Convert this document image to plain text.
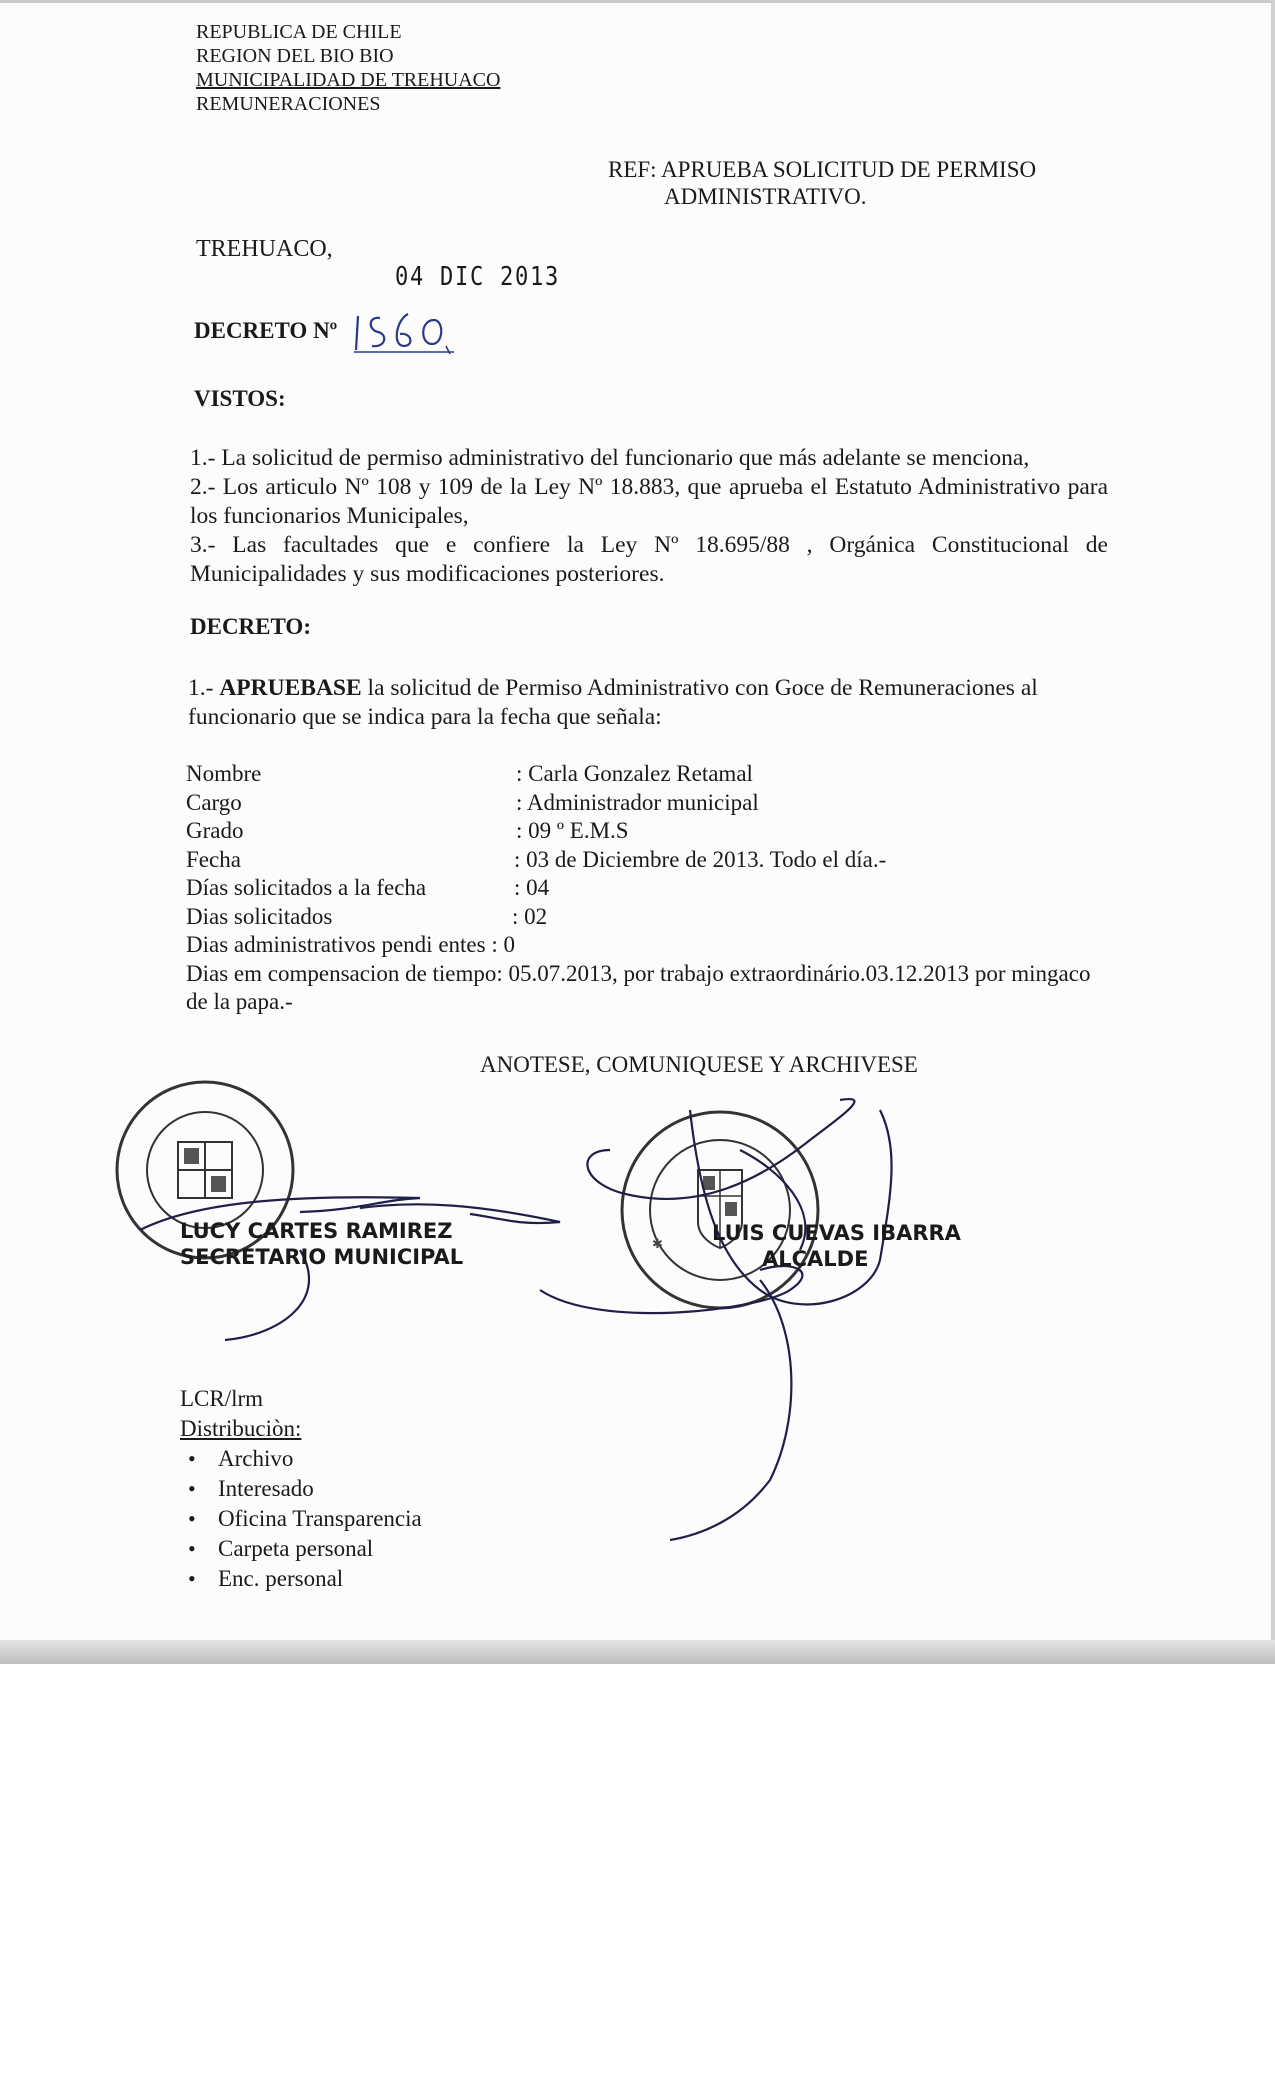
REPUBLICA DE CHILE
REGION DEL BIO BIO
MUNICIPALIDAD DE TREHUACO
REMUNERACIONES
REF: APRUEBA SOLICITUD DE PERMISO
ADMINISTRATIVO.
TREHUACO,
04 DIC 2013
DECRETO Nº
VISTOS:

1.- La solicitud de permiso administrativo del funcionario que más adelante se menciona,

2.- Los articulo Nº 108 y 109 de la Ley Nº 18.883, que aprueba el Estatuto Administrativo para los funcionarios Municipales,

3.- Las facultades que e confiere la Ley Nº 18.695/88 , Orgánica Constitucional de Municipalidades y sus modificaciones posteriores.

DECRETO:
1.- APRUEBASE la solicitud de Permiso Administrativo con Goce de Remuneraciones al funcionario que se indica para la fecha que señala:
Nombre	: Carla Gonzalez Retamal
Cargo	: Administrador municipal
Grado	: 09 º E.M.S
Fecha	: 03 de Diciembre de 2013. Todo el día.-
Días solicitados a la fecha	: 04
Dias solicitados	: 02
Dias administrativos pendi entes : 0
Dias em compensacion de tiempo: 05.07.2013, por trabajo extraordinário.03.12.2013 por mingaco de la papa.-
ANOTESE, COMUNIQUESE Y ARCHIVESE
✱
LUCY CARTES RAMIREZ
SECRETARIO MUNICIPAL
LUIS CUEVAS IBARRA
ALCALDE
LCR/lrm
Distribuciòn:
• Archivo
• Interesado
• Oficina Transparencia
• Carpeta personal
• Enc. personal
